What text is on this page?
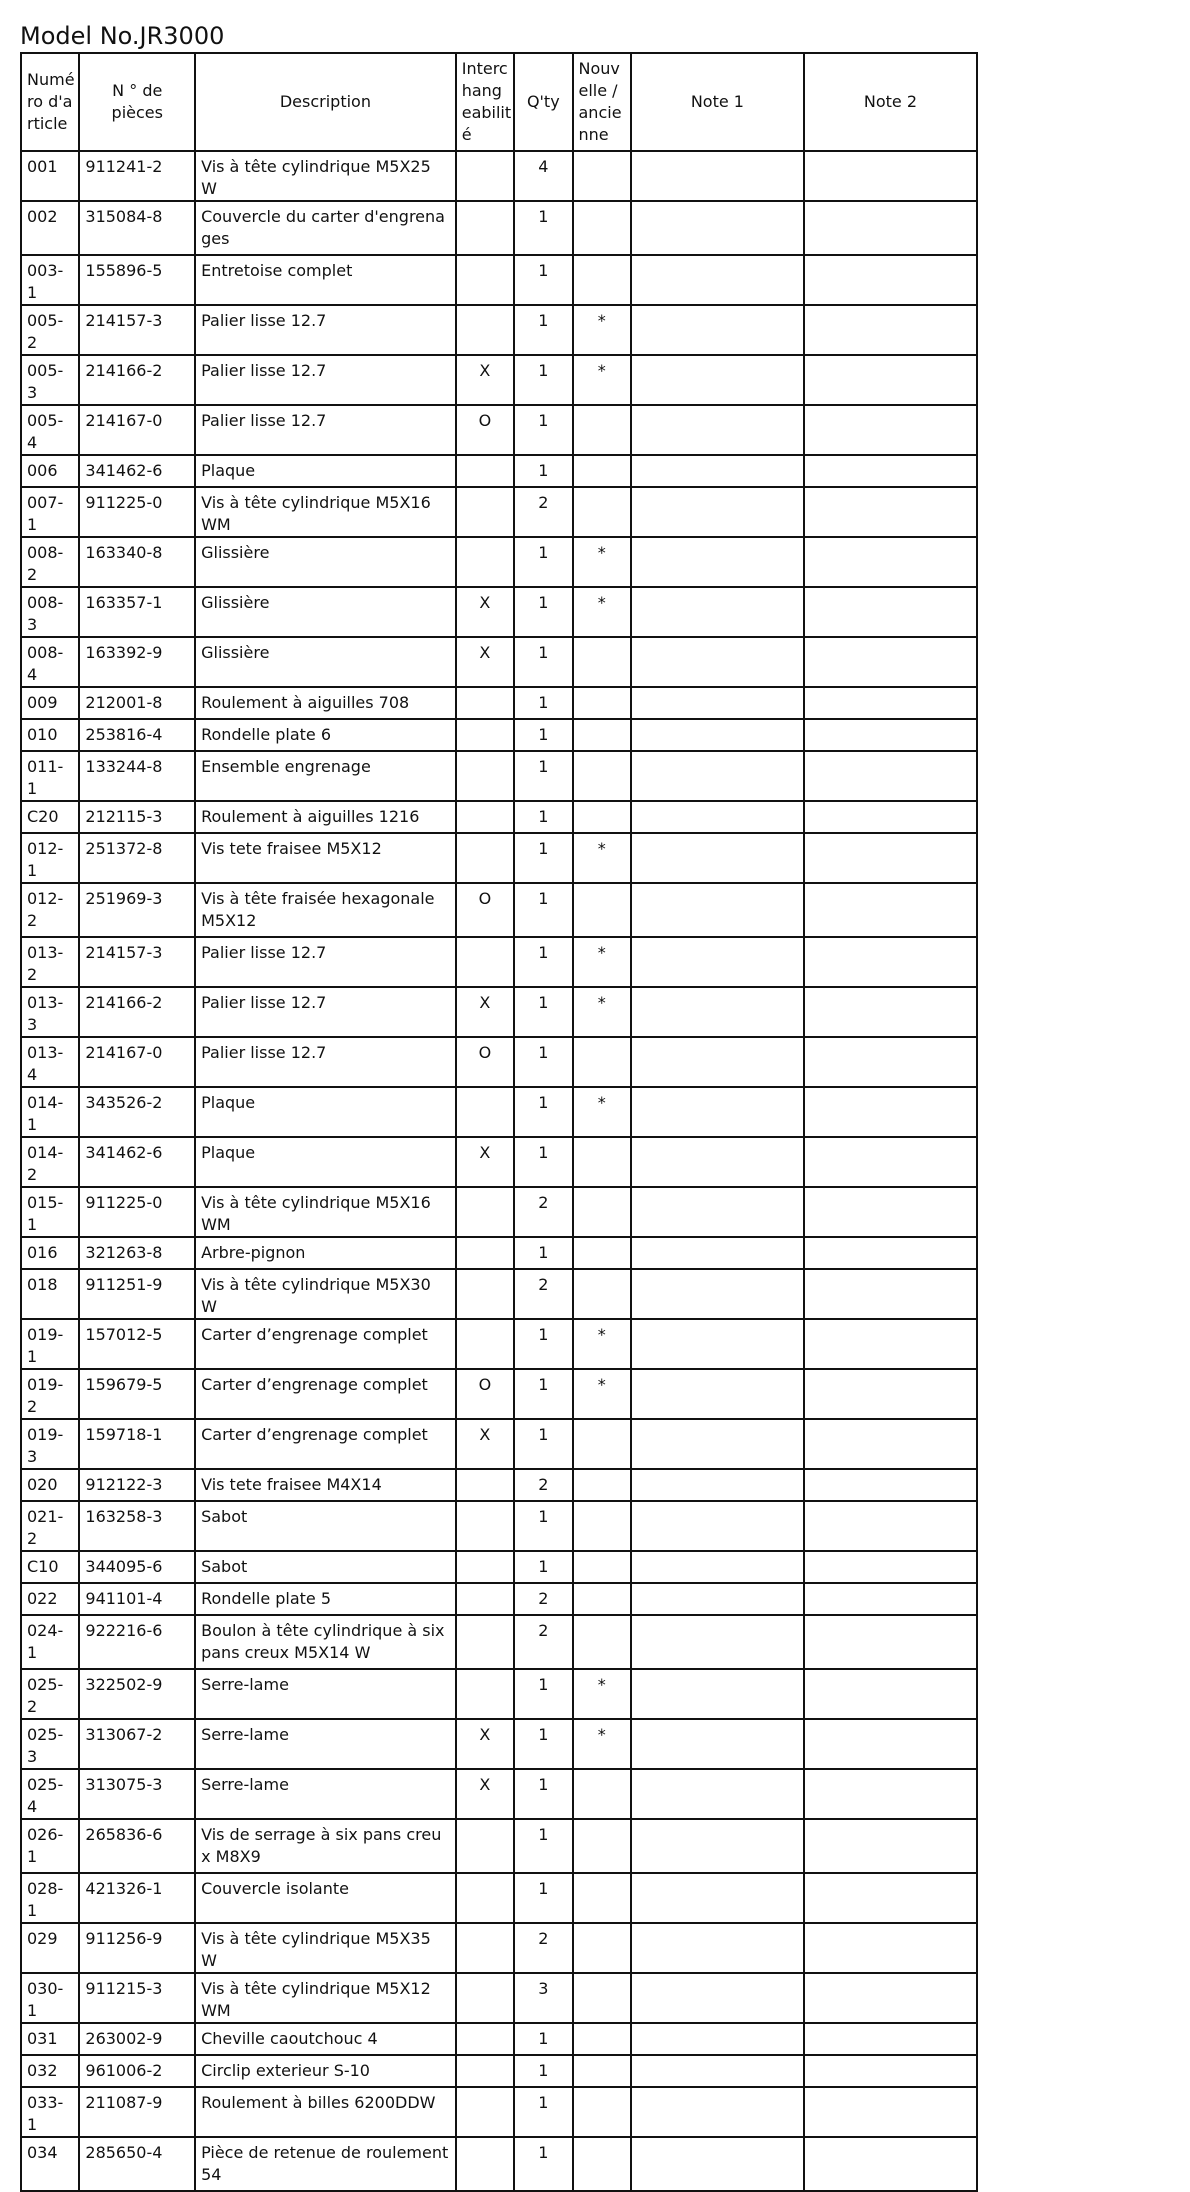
Model No.JR3000
Numé ro d'a rticle	N ° de pièces	Description	Interc hang eabilit é	Q'ty	Nouv elle / ancie nne	Note 1	Note 2
001	911241-2	Vis à tête cylindrique M5X25 W		4			
002	315084-8	Couvercle du carter d'engrenages		1			
003-1	155896-5	Entretoise complet		1			
005-2	214157-3	Palier lisse 12.7		1	*		
005-3	214166-2	Palier lisse 12.7	X	1	*		
005-4	214167-0	Palier lisse 12.7	O	1			
006	341462-6	Plaque		1			
007-1	911225-0	Vis à tête cylindrique M5X16 WM		2			
008-2	163340-8	Glissière		1	*		
008-3	163357-1	Glissière	X	1	*		
008-4	163392-9	Glissière	X	1			
009	212001-8	Roulement à aiguilles 708		1			
010	253816-4	Rondelle plate 6		1			
011-1	133244-8	Ensemble engrenage		1			
C20	212115-3	Roulement à aiguilles 1216		1			
012-1	251372-8	Vis tete fraisee M5X12		1	*		
012-2	251969-3	Vis à tête fraisée hexagonale M5X12	O	1			
013-2	214157-3	Palier lisse 12.7		1	*		
013-3	214166-2	Palier lisse 12.7	X	1	*		
013-4	214167-0	Palier lisse 12.7	O	1			
014-1	343526-2	Plaque		1	*		
014-2	341462-6	Plaque	X	1			
015-1	911225-0	Vis à tête cylindrique M5X16 WM		2			
016	321263-8	Arbre-pignon		1			
018	911251-9	Vis à tête cylindrique M5X30 W		2			
019-1	157012-5	Carter d’engrenage complet		1	*		
019-2	159679-5	Carter d’engrenage complet	O	1	*		
019-3	159718-1	Carter d’engrenage complet	X	1			
020	912122-3	Vis tete fraisee M4X14		2			
021-2	163258-3	Sabot		1			
C10	344095-6	Sabot		1			
022	941101-4	Rondelle plate 5		2			
024-1	922216-6	Boulon à tête cylindrique à six pans creux M5X14 W		2			
025-2	322502-9	Serre-lame		1	*		
025-3	313067-2	Serre-lame	X	1	*		
025-4	313075-3	Serre-lame	X	1			
026-1	265836-6	Vis de serrage à six pans creux M8X9		1			
028-1	421326-1	Couvercle isolante		1			
029	911256-9	Vis à tête cylindrique M5X35 W		2			
030-1	911215-3	Vis à tête cylindrique M5X12 WM		3			
031	263002-9	Cheville caoutchouc 4		1			
032	961006-2	Circlip exterieur S-10		1			
033-1	211087-9	Roulement à billes 6200DDW		1			
034	285650-4	Pièce de retenue de roulement 54		1			
